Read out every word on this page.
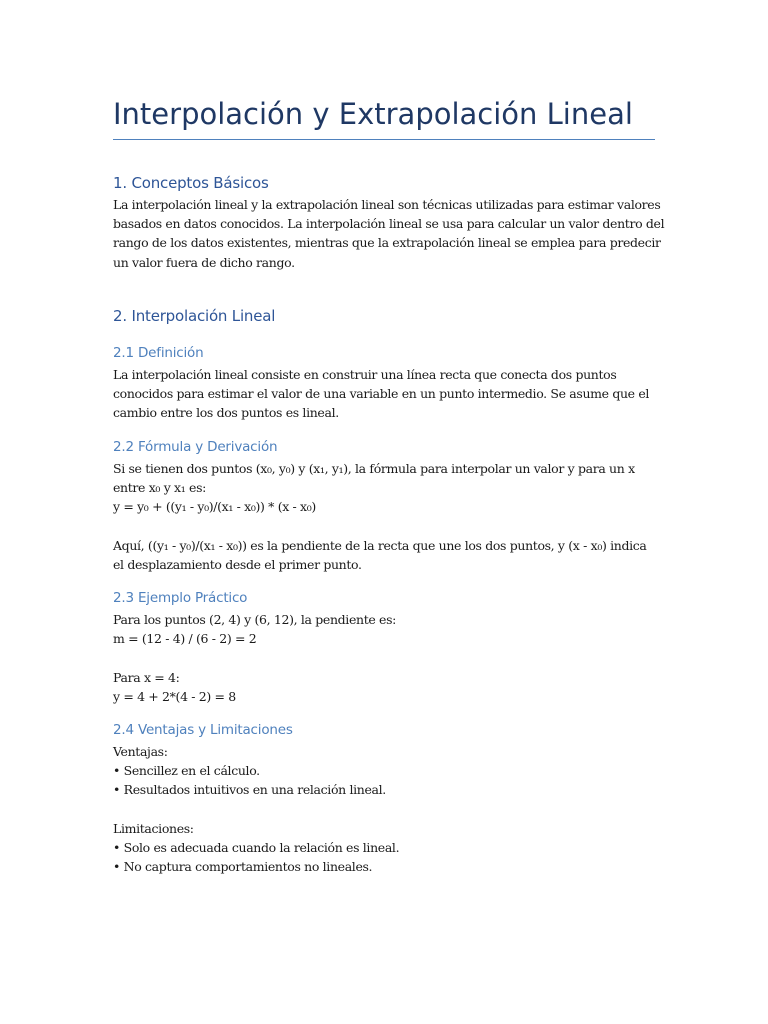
Interpolación y Extrapolación Lineal
1. Conceptos Básicos
La interpolación lineal y la extrapolación lineal son técnicas utilizadas para estimar valores
basados en datos conocidos. La interpolación lineal se usa para calcular un valor dentro del
rango de los datos existentes, mientras que la extrapolación lineal se emplea para predecir
un valor fuera de dicho rango.
2. Interpolación Lineal
2.1 Definición
La interpolación lineal consiste en construir una línea recta que conecta dos puntos
conocidos para estimar el valor de una variable en un punto intermedio. Se asume que el
cambio entre los dos puntos es lineal.
2.2 Fórmula y Derivación
Si se tienen dos puntos (x₀, y₀) y (x₁, y₁), la fórmula para interpolar un valor y para un x
entre x₀ y x₁ es:
y = y₀ + ((y₁ - y₀)/(x₁ - x₀)) * (x - x₀)
Aquí, ((y₁ - y₀)/(x₁ - x₀)) es la pendiente de la recta que une los dos puntos, y (x - x₀) indica
el desplazamiento desde el primer punto.
2.3 Ejemplo Práctico
Para los puntos (2, 4) y (6, 12), la pendiente es:
m = (12 - 4) / (6 - 2) = 2
Para x = 4:
y = 4 + 2*(4 - 2) = 8
2.4 Ventajas y Limitaciones
Ventajas:
• Sencillez en el cálculo.
• Resultados intuitivos en una relación lineal.
Limitaciones:
• Solo es adecuada cuando la relación es lineal.
• No captura comportamientos no lineales.
